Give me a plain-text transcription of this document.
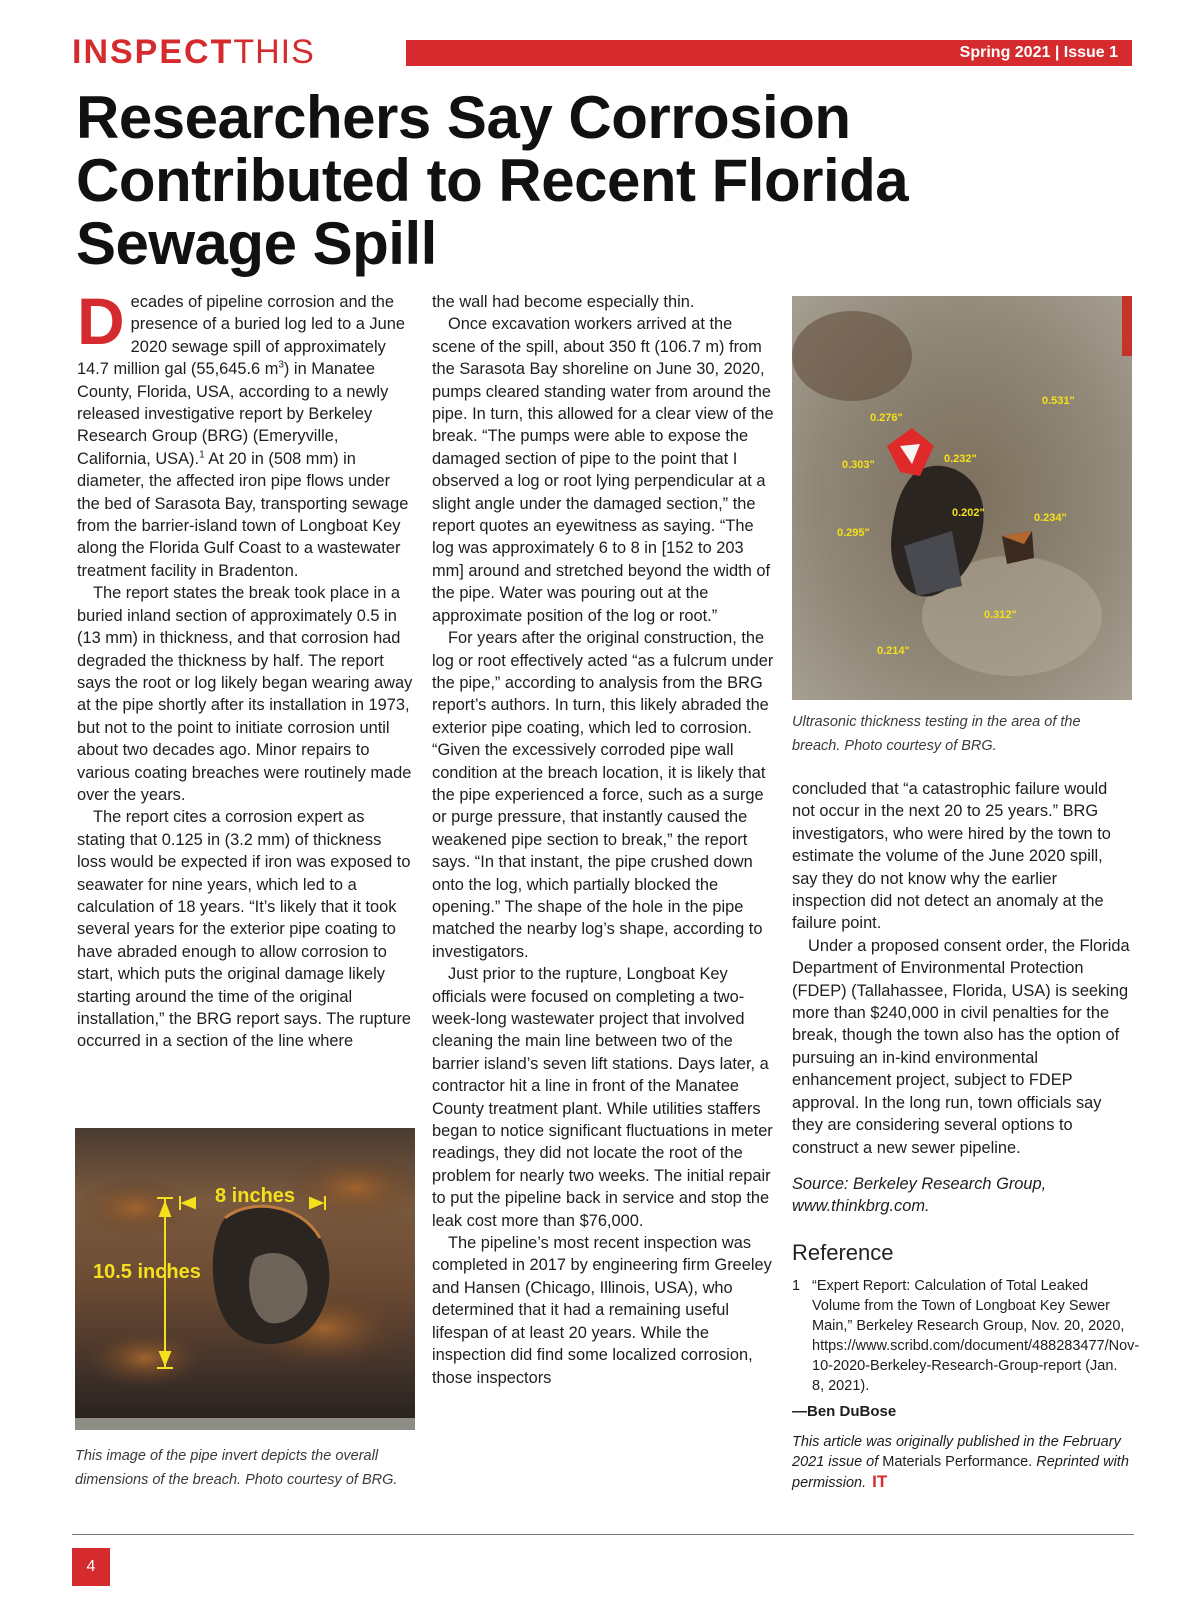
INSPECTTHIS	Spring 2021 | Issue 1
Researchers Say Corrosion Contributed to Recent Florida Sewage Spill

Decades of pipeline corrosion and the presence of a buried log led to a June 2020 sewage spill of approximately 14.7 million gal (55,645.6 $m^3$) in Manatee County, Florida, USA, according to a newly released investigative report by Berkeley Research Group (BRG) (Emeryville, California, USA).$^1$ At 20 in (508 mm) in diameter, the affected iron pipe flows under the bed of Sarasota Bay, transporting sewage from the barrier-island town of Longboat Key along the Florida Gulf Coast to a wastewater treatment facility in Bradenton.

The report states the break took place in a buried inland section of approximately 0.5 in (13 mm) in thickness, and that corrosion had degraded the thickness by half. The report says the root or log likely began wearing away at the pipe shortly after its installation in 1973, but not to the point to initiate corrosion until about two decades ago. Minor repairs to various coating breaches were routinely made over the years.

The report cites a corrosion expert as stating that 0.125 in (3.2 mm) of thickness loss would be expected if iron was exposed to seawater for nine years, which led to a calculation of 18 years. “It’s likely that it took several years for the exterior pipe coating to have abraded enough to allow corrosion to start, which puts the original damage likely starting around the time of the original installation,” the BRG report says. The rupture occurred in a section of the line where

8 inches
10.5 inches

This image of the pipe invert depicts the overall dimensions of the breach. Photo courtesy of BRG.

the wall had become especially thin.

Once excavation workers arrived at the scene of the spill, about 350 ft (106.7 m) from the Sarasota Bay shoreline on June 30, 2020, pumps cleared standing water from around the pipe. In turn, this allowed for a clear view of the break. “The pumps were able to expose the damaged section of pipe to the point that I observed a log or root lying perpendicular at a slight angle under the damaged section,” the report quotes an eyewitness as saying. “The log was approximately 6 to 8 in [152 to 203 mm] around and stretched beyond the width of the pipe. Water was pouring out at the approximate position of the log or root.”

For years after the original construction, the log or root effectively acted “as a fulcrum under the pipe,” according to analysis from the BRG report’s authors. In turn, this likely abraded the exterior pipe coating, which led to corrosion. “Given the excessively corroded pipe wall condition at the breach location, it is likely that the pipe experienced a force, such as a surge or purge pressure, that instantly caused the weakened pipe section to break,” the report says. “In that instant, the pipe crushed down onto the log, which partially blocked the opening.” The shape of the hole in the pipe matched the nearby log’s shape, according to investigators.

Just prior to the rupture, Longboat Key officials were focused on completing a two-week-long wastewater project that involved cleaning the main line between two of the barrier island’s seven lift stations. Days later, a contractor hit a line in front of the Manatee County treatment plant. While utilities staffers began to notice significant fluctuations in meter readings, they did not locate the root of the problem for nearly two weeks. The initial repair to put the pipeline back in service and stop the leak cost more than $76,000.

The pipeline’s most recent inspection was completed in 2017 by engineering firm Greeley and Hansen (Chicago, Illinois, USA), who determined that it had a remaining useful lifespan of at least 20 years. While the inspection did find some localized corrosion, those inspectors

0.531"
0.276"
0.303"	0.232"
0.202"	0.234"
0.295"
0.312"
0.214"

Ultrasonic thickness testing in the area of the breach. Photo courtesy of BRG.

concluded that “a catastrophic failure would not occur in the next 20 to 25 years.” BRG investigators, who were hired by the town to estimate the volume of the June 2020 spill, say they do not know why the earlier inspection did not detect an anomaly at the failure point.

Under a proposed consent order, the Florida Department of Environmental Protection (FDEP) (Tallahassee, Florida, USA) is seeking more than $240,000 in civil penalties for the break, though the town also has the option of pursuing an in-kind environmental enhancement project, subject to FDEP approval. In the long run, town officials say they are considering several options to construct a new sewer pipeline.

Source: Berkeley Research Group, www.thinkbrg.com.

Reference

1 “Expert Report: Calculation of Total Leaked Volume from the Town of Longboat Key Sewer Main,” Berkeley Research Group, Nov. 20, 2020, https://www.scribd.com/document/488283477/Nov-10-2020-Berkeley-Research-Group-report (Jan. 8, 2021).

—Ben DuBose

This article was originally published in the February 2021 issue of Materials Performance. Reprinted with permission. IT

4
